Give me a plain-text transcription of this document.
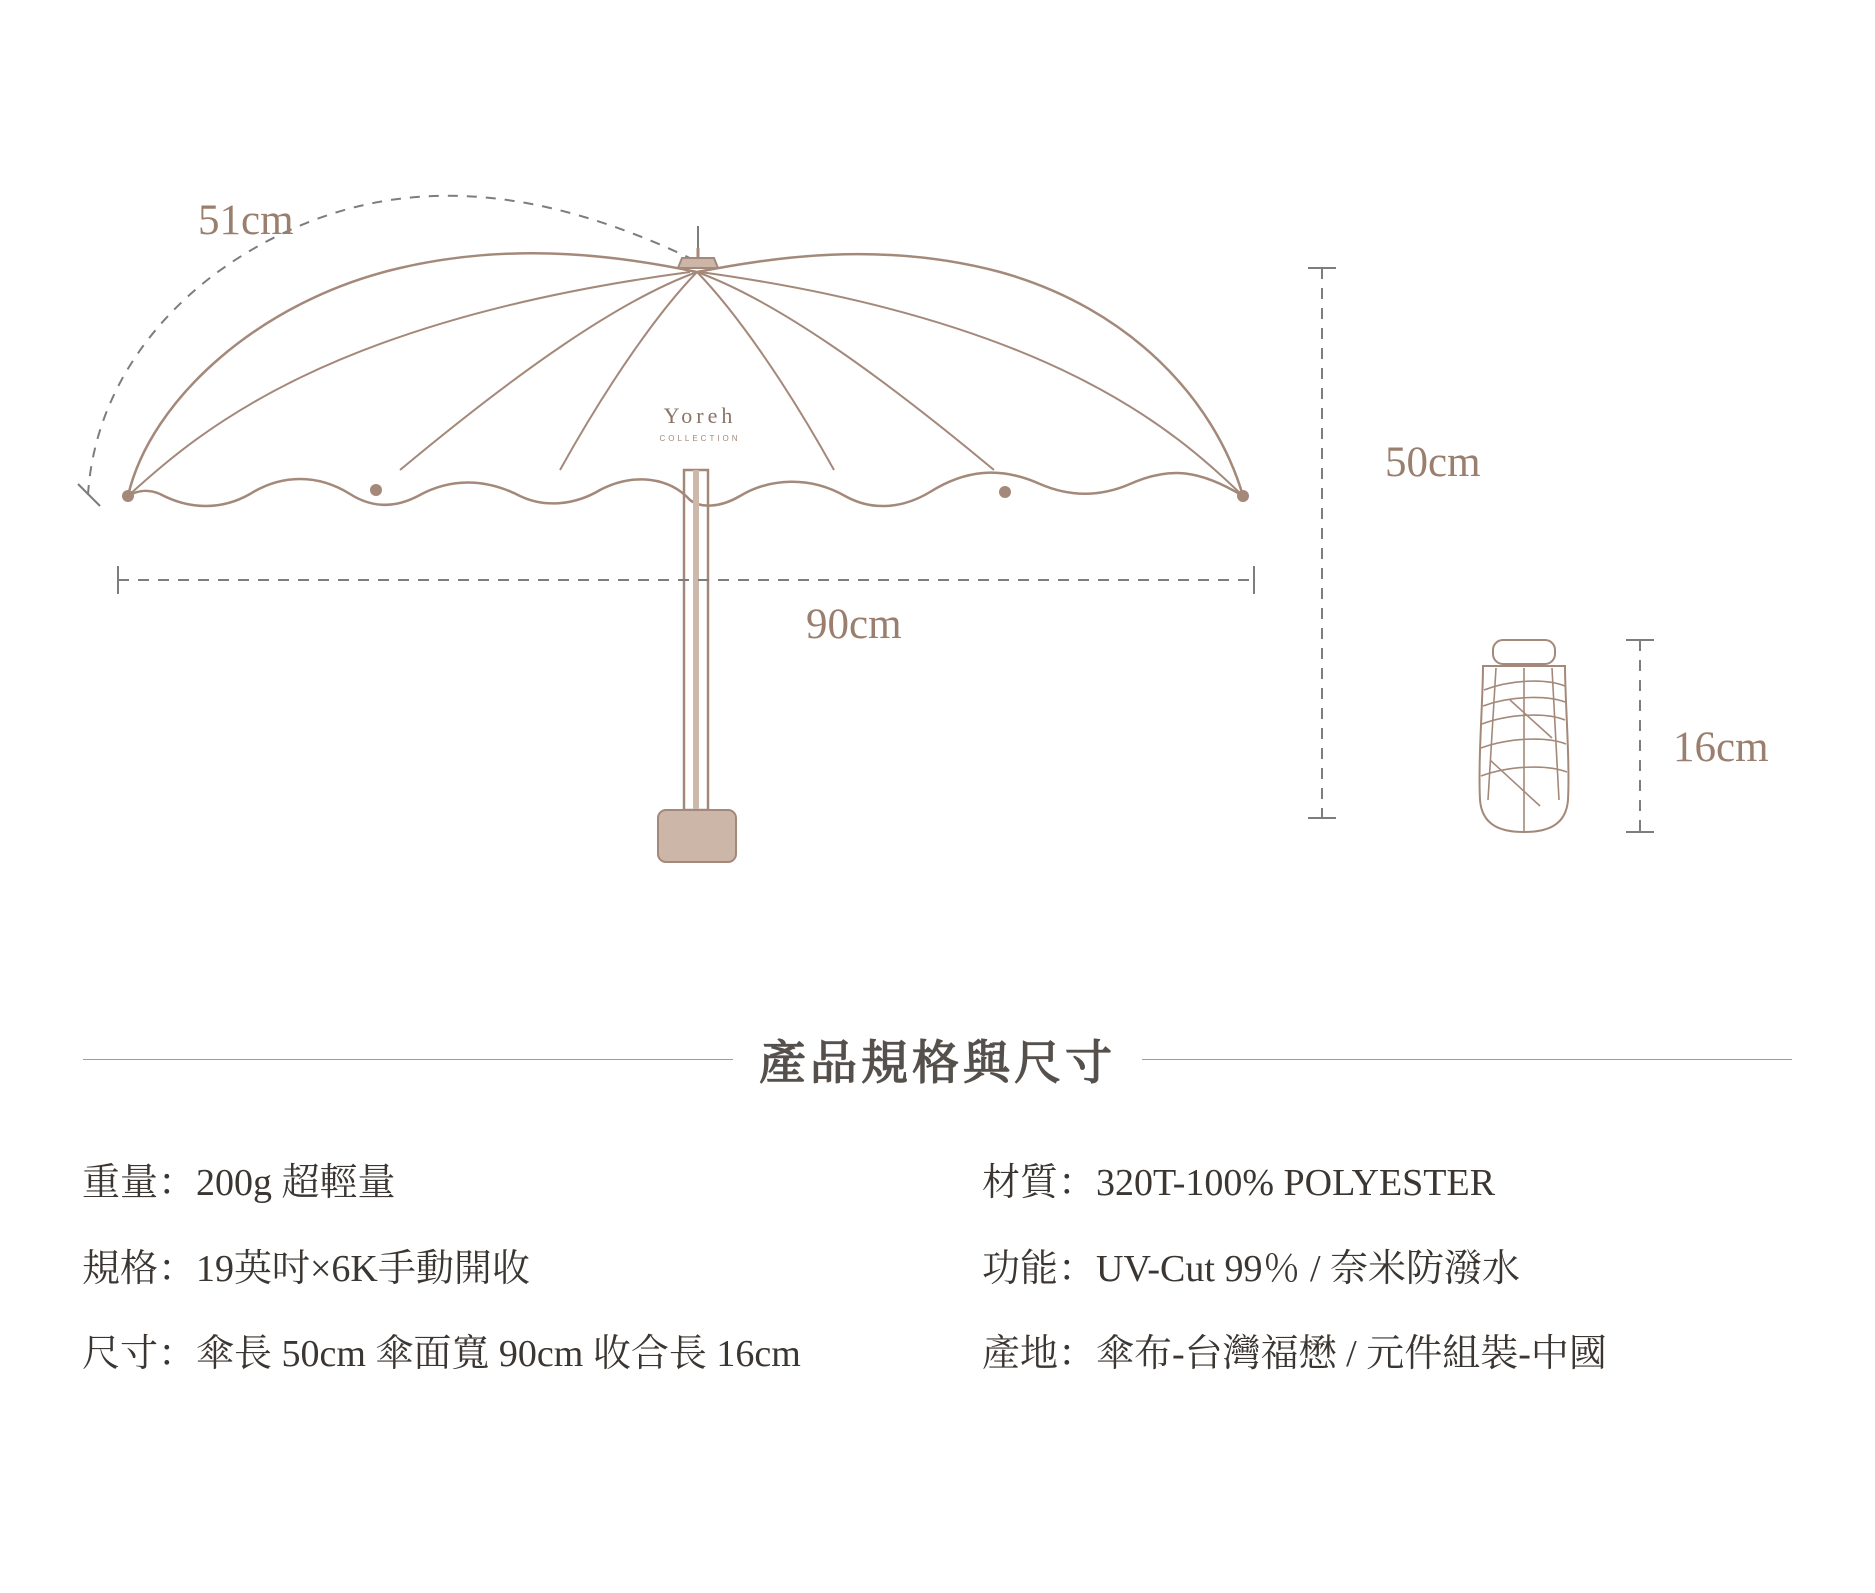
Yoreh
COLLECTION
51cm
90cm
50cm
16cm
產品規格與尺寸
重量：200g 超輕量
規格：19英吋×6K手動開收
尺寸：傘長 50cm 傘面寬 90cm 收合長 16cm
材質：320T-100% POLYESTER
功能：UV-Cut 99％ / 奈米防潑水
產地：傘布-台灣福懋 / 元件組裝-中國
